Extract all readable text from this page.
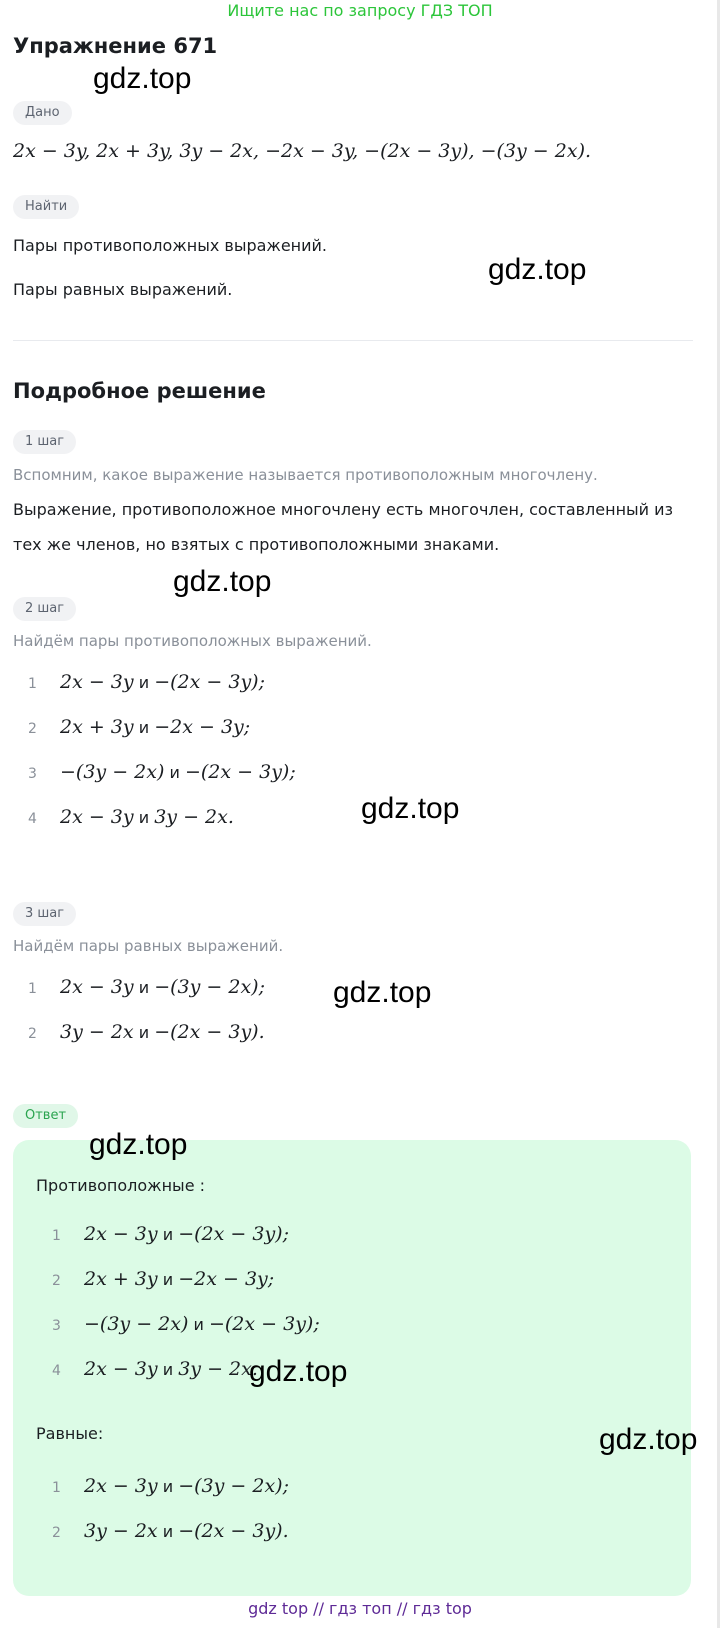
Ищите нас по запросу ГДЗ ТОП
Упражнение 671
Дано
2x − 3y, 2x + 3y, 3y − 2x, −2x − 3y, −(2x − 3y), −(3y − 2x).
Найти
Пары противоположных выражений.
Пары равных выражений.
Подробное решение
1 шаг
Вспомним, какое выражение называется противоположным многочлену.
Выражение, противоположное многочлену есть многочлен, составленный из
тех же членов, но взятых с противоположными знаками.
2 шаг
Найдём пары противоположных выражений.
1 2x − 3y и −(2x − 3y);
2 2x + 3y и −2x − 3y;
3 −(3y − 2x) и −(2x − 3y);
4 2x − 3y и 3y − 2x.
3 шаг
Найдём пары равных выражений.
1 2x − 3y и −(3y − 2x);
2 3y − 2x и −(2x − 3y).
Ответ
Противоположные :
1 2x − 3y и −(2x − 3y);
2 2x + 3y и −2x − 3y;
3 −(3y − 2x) и −(2x − 3y);
4 2x − 3y и 3y − 2x.
Равные:
1 2x − 3y и −(3y − 2x);
2 3y − 2x и −(2x − 3y).
gdz.top
gdz.top
gdz.top
gdz.top
gdz.top
gdz.top
gdz.top
gdz.top
gdz top // гдз топ // гдз top
